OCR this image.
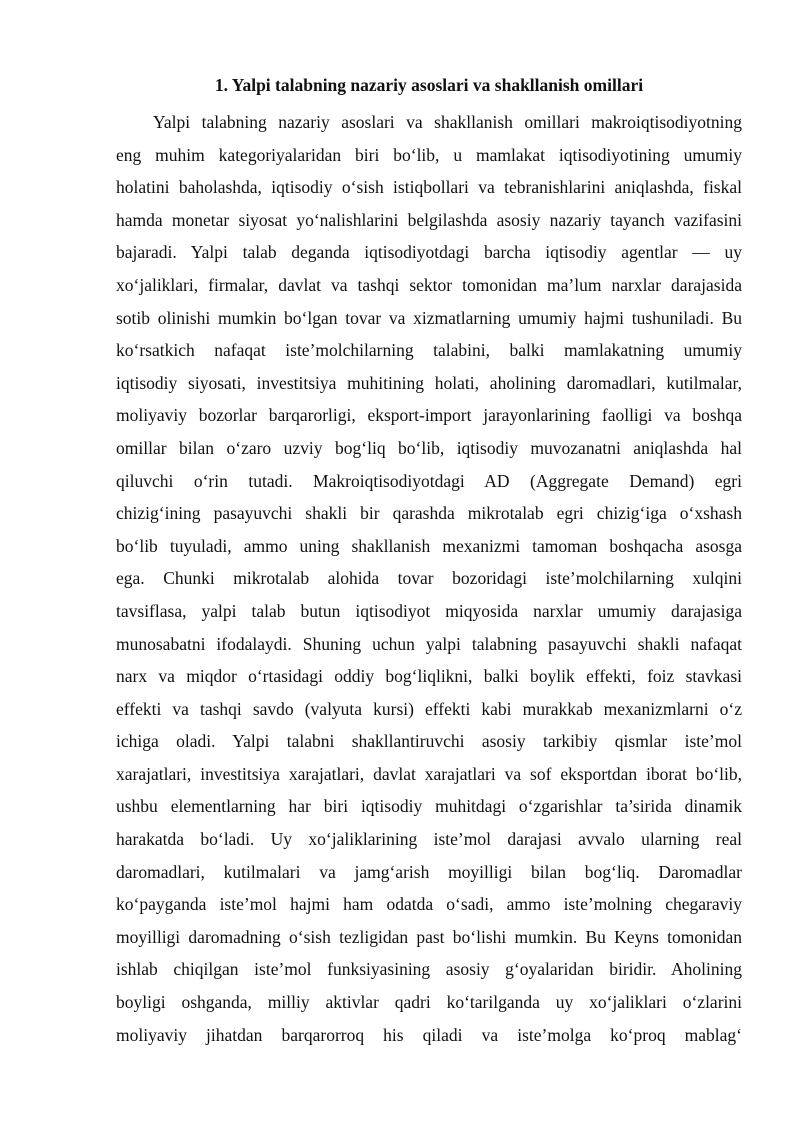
1. Yalpi talabning nazariy asoslari va shakllanish omillari
Yalpi talabning nazariy asoslari va shakllanish omillari makroiqtisodiyotning
eng muhim kategoriyalaridan biri bo‘lib, u mamlakat iqtisodiyotining umumiy
holatini baholashda, iqtisodiy o‘sish istiqbollari va tebranishlarini aniqlashda, fiskal
hamda monetar siyosat yo‘nalishlarini belgilashda asosiy nazariy tayanch vazifasini
bajaradi. Yalpi talab deganda iqtisodiyotdagi barcha iqtisodiy agentlar — uy
xo‘jaliklari, firmalar, davlat va tashqi sektor tomonidan ma’lum narxlar darajasida
sotib olinishi mumkin bo‘lgan tovar va xizmatlarning umumiy hajmi tushuniladi. Bu
ko‘rsatkich nafaqat iste’molchilarning talabini, balki mamlakatning umumiy
iqtisodiy siyosati, investitsiya muhitining holati, aholining daromadlari, kutilmalar,
moliyaviy bozorlar barqarorligi, eksport-import jarayonlarining faolligi va boshqa
omillar bilan o‘zaro uzviy bog‘liq bo‘lib, iqtisodiy muvozanatni aniqlashda hal
qiluvchi o‘rin tutadi. Makroiqtisodiyotdagi AD (Aggregate Demand) egri
chizig‘ining pasayuvchi shakli bir qarashda mikrotalab egri chizig‘iga o‘xshash
bo‘lib tuyuladi, ammo uning shakllanish mexanizmi tamoman boshqacha asosga
ega. Chunki mikrotalab alohida tovar bozoridagi iste’molchilarning xulqini
tavsiflasa, yalpi talab butun iqtisodiyot miqyosida narxlar umumiy darajasiga
munosabatni ifodalaydi. Shuning uchun yalpi talabning pasayuvchi shakli nafaqat
narx va miqdor o‘rtasidagi oddiy bog‘liqlikni, balki boylik effekti, foiz stavkasi
effekti va tashqi savdo (valyuta kursi) effekti kabi murakkab mexanizmlarni o‘z
ichiga oladi. Yalpi talabni shakllantiruvchi asosiy tarkibiy qismlar iste’mol
xarajatlari, investitsiya xarajatlari, davlat xarajatlari va sof eksportdan iborat bo‘lib,
ushbu elementlarning har biri iqtisodiy muhitdagi o‘zgarishlar ta’sirida dinamik
harakatda bo‘ladi. Uy xo‘jaliklarining iste’mol darajasi avvalo ularning real
daromadlari, kutilmalari va jamg‘arish moyilligi bilan bog‘liq. Daromadlar
ko‘payganda iste’mol hajmi ham odatda o‘sadi, ammo iste’molning chegaraviy
moyilligi daromadning o‘sish tezligidan past bo‘lishi mumkin. Bu Keyns tomonidan
ishlab chiqilgan iste’mol funksiyasining asosiy g‘oyalaridan biridir. Aholining
boyligi oshganda, milliy aktivlar qadri ko‘tarilganda uy xo‘jaliklari o‘zlarini
moliyaviy jihatdan barqarorroq his qiladi va iste’molga ko‘proq mablag‘
